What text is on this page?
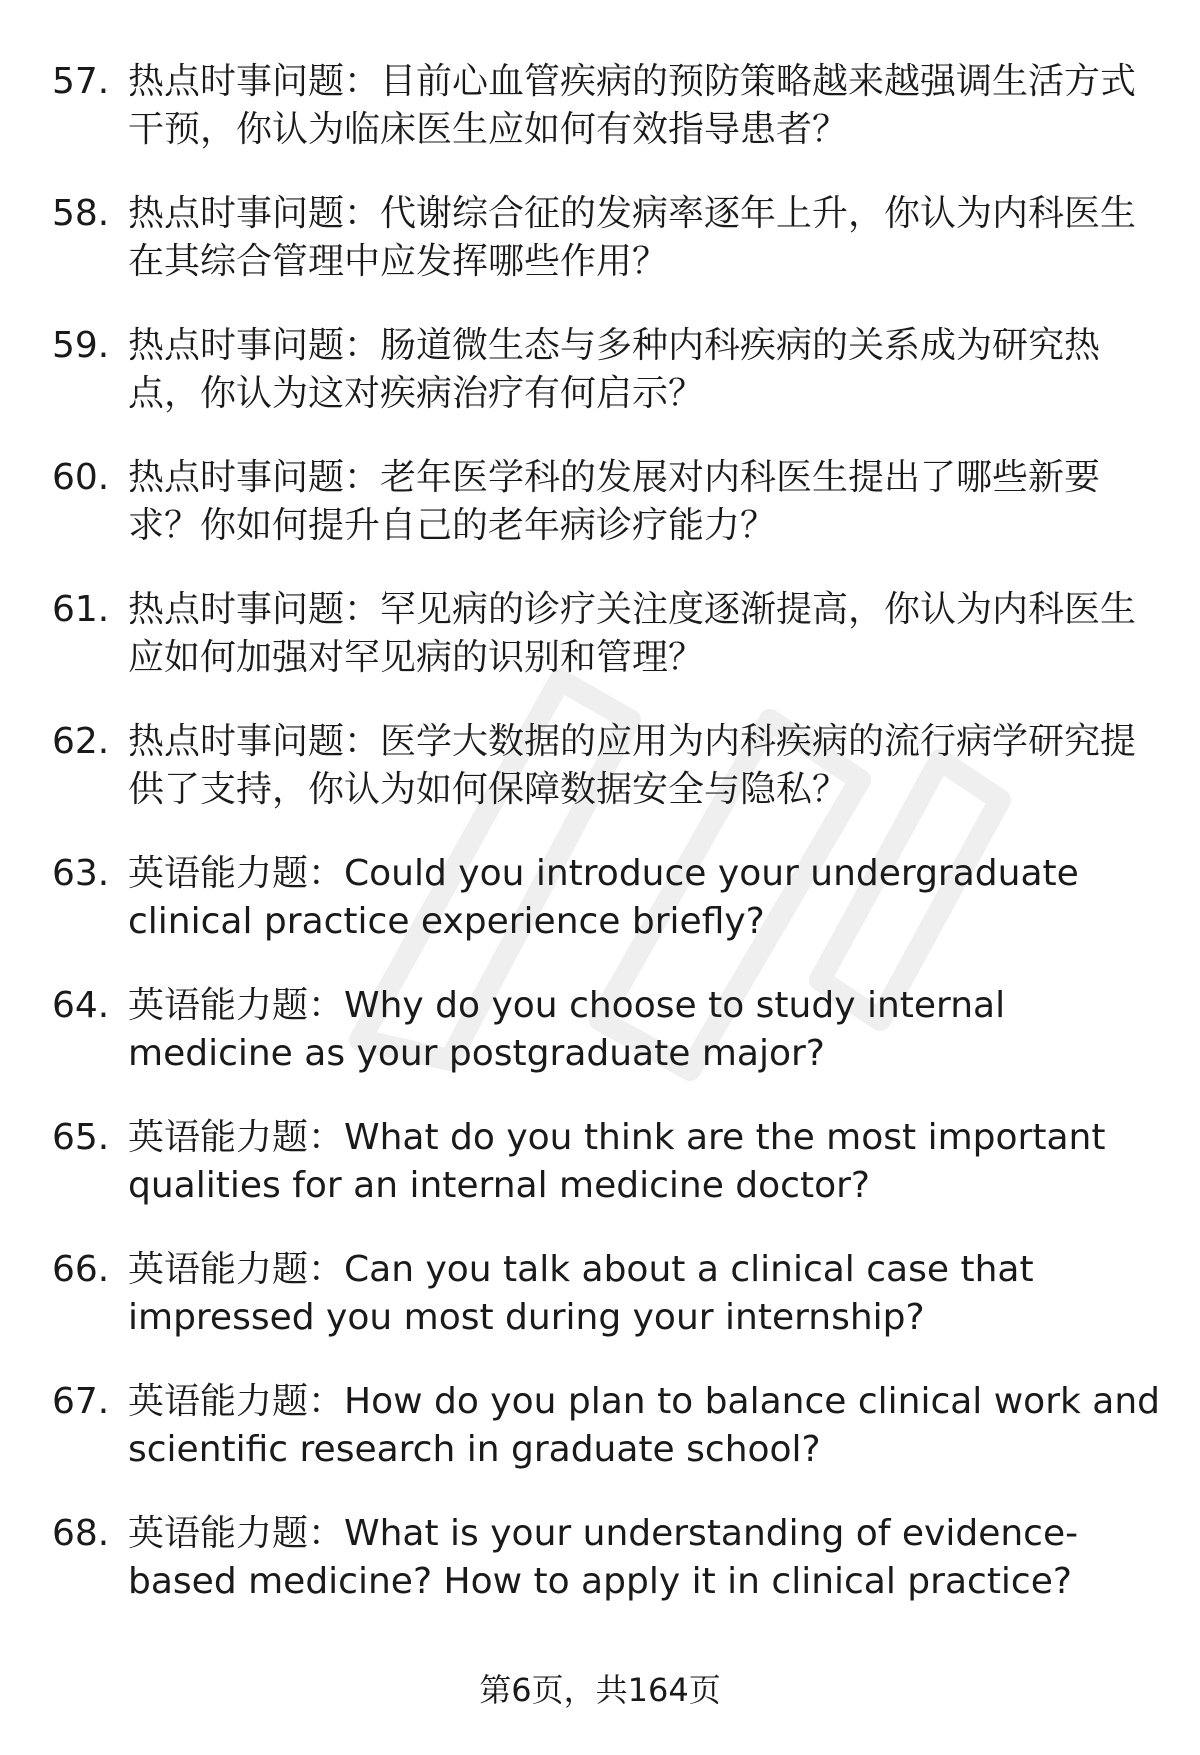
57. 热点时事问题：目前心血管疾病的预防策略越来越强调生活方式干预，你认为临床医生应如何有效指导患者？
58. 热点时事问题：代谢综合征的发病率逐年上升，你认为内科医生在其综合管理中应发挥哪些作用？
59. 热点时事问题：肠道微生态与多种内科疾病的关系成为研究热点，你认为这对疾病治疗有何启示？
60. 热点时事问题：老年医学科的发展对内科医生提出了哪些新要求？你如何提升自己的老年病诊疗能力？
61. 热点时事问题：罕见病的诊疗关注度逐渐提高，你认为内科医生应如何加强对罕见病的识别和管理？
62. 热点时事问题：医学大数据的应用为内科疾病的流行病学研究提供了支持，你认为如何保障数据安全与隐私？
63. 英语能力题：Could you introduce your undergraduate clinical practice experience briefly?
64. 英语能力题：Why do you choose to study internal medicine as your postgraduate major?
65. 英语能力题：What do you think are the most important qualities for an internal medicine doctor?
66. 英语能力题：Can you talk about a clinical case that impressed you most during your internship?
67. 英语能力题：How do you plan to balance clinical work and scientific research in graduate school?
68. 英语能力题：What is your understanding of evidence-based medicine? How to apply it in clinical practice?
第6页，共164页
